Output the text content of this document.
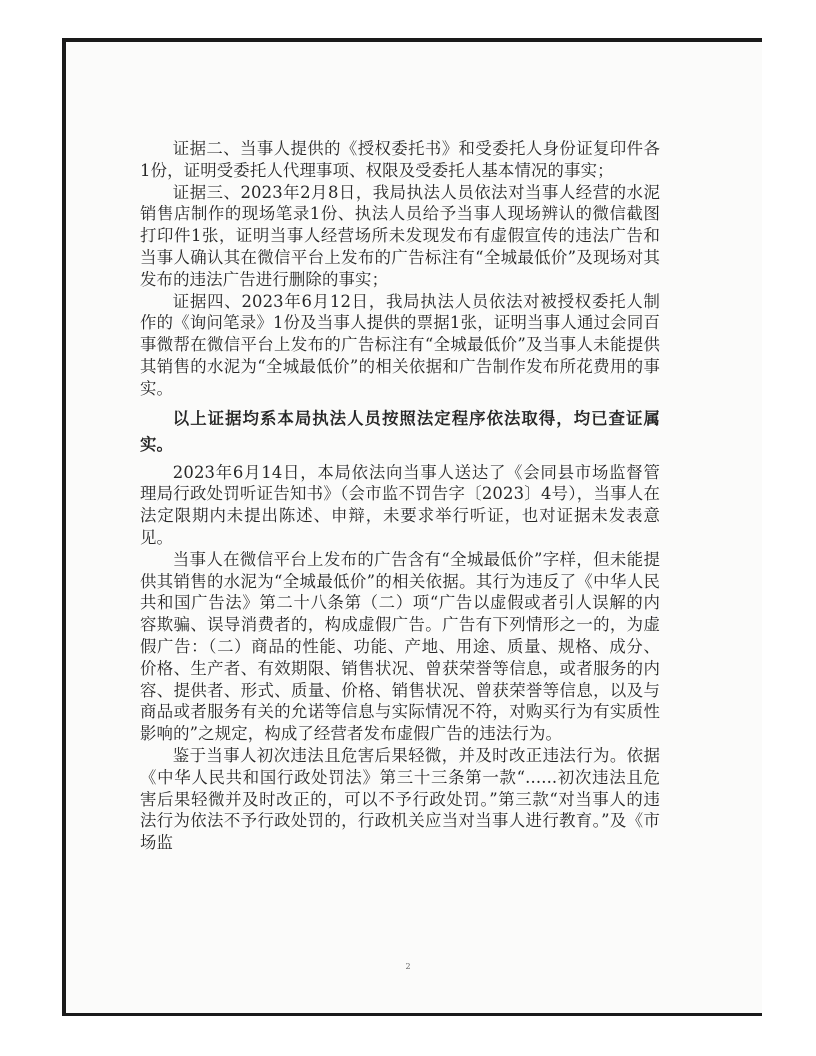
证据二、当事人提供的《授权委托书》和受委托人身份证复印件各1份，证明受委托人代理事项、权限及受委托人基本情况的事实；

证据三、2023年2月8日，我局执法人员依法对当事人经营的水泥销售店制作的现场笔录1份、执法人员给予当事人现场辨认的微信截图打印件1张，证明当事人经营场所未发现发布有虚假宣传的违法广告和当事人确认其在微信平台上发布的广告标注有“全城最低价”及现场对其发布的违法广告进行删除的事实；

证据四、2023年6月12日，我局执法人员依法对被授权委托人制作的《询问笔录》1份及当事人提供的票据1张，证明当事人通过会同百事微帮在微信平台上发布的广告标注有“全城最低价”及当事人未能提供其销售的水泥为“全城最低价”的相关依据和广告制作发布所花费用的事实。

以上证据均系本局执法人员按照法定程序依法取得，均已查证属实。

2023年6月14日，本局依法向当事人送达了《会同县市场监督管理局行政处罚听证告知书》（会市监不罚告字〔2023〕4号），当事人在法定限期内未提出陈述、申辩，未要求举行听证，也对证据未发表意见。

当事人在微信平台上发布的广告含有“全城最低价”字样，但未能提供其销售的水泥为“全城最低价”的相关依据。其行为违反了《中华人民共和国广告法》第二十八条第（二）项“广告以虚假或者引人误解的内容欺骗、误导消费者的，构成虚假广告。广告有下列情形之一的，为虚假广告：（二）商品的性能、功能、产地、用途、质量、规格、成分、价格、生产者、有效期限、销售状况、曾获荣誉等信息，或者服务的内容、提供者、形式、质量、价格、销售状况、曾获荣誉等信息，以及与商品或者服务有关的允诺等信息与实际情况不符，对购买行为有实质性影响的”之规定，构成了经营者发布虚假广告的违法行为。

鉴于当事人初次违法且危害后果轻微，并及时改正违法行为。依据《中华人民共和国行政处罚法》第三十三条第一款“......初次违法且危害后果轻微并及时改正的，可以不予行政处罚。”第三款“对当事人的违法行为依法不予行政处罚的，行政机关应当对当事人进行教育。”及《市场监

2
